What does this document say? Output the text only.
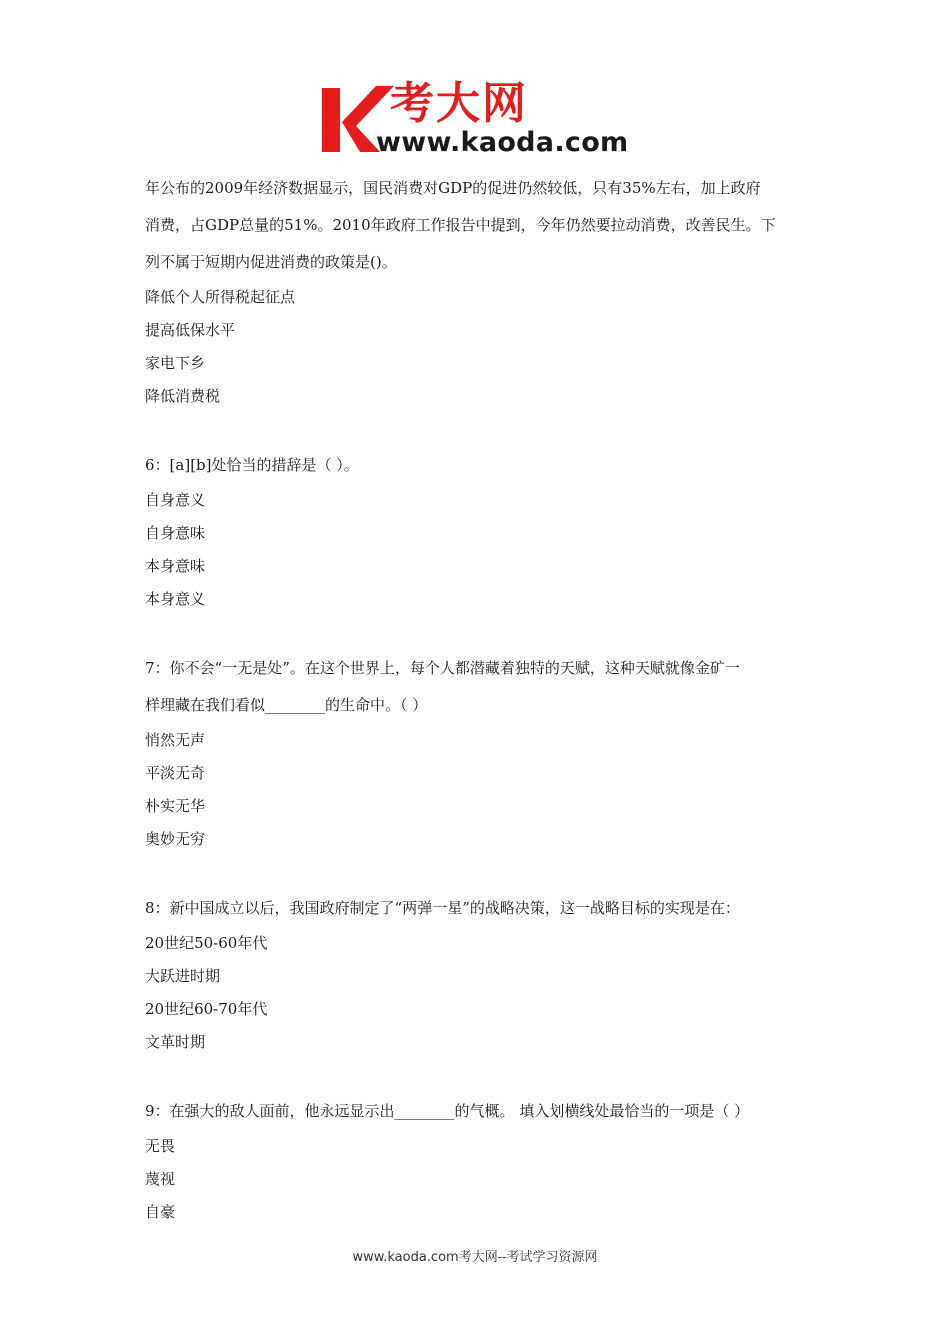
考大网
www.kaoda.com

年公布的2009年经济数据显示，国民消费对GDP的促进仍然较低，只有35%左右，加上政府

消费，占GDP总量的51%。2010年政府工作报告中提到，今年仍然要拉动消费，改善民生。下

列不属于短期内促进消费的政策是()。

降低个人所得税起征点

提高低保水平

家电下乡

降低消费税

6：[a][b]处恰当的措辞是（ ）。

自身意义

自身意味

本身意味

本身意义

7：你不会“一无是处”。在这个世界上，每个人都潜藏着独特的天赋，这种天赋就像金矿一

样埋藏在我们看似________的生命中。（ ）

悄然无声

平淡无奇

朴实无华

奥妙无穷

8：新中国成立以后，我国政府制定了“两弹一星”的战略决策，这一战略目标的实现是在：

20世纪50-60年代

大跃进时期

20世纪60-70年代

文革时期

9：在强大的敌人面前，他永远显示出________的气概。 填入划横线处最恰当的一项是（ ）

无畏

蔑视

自豪

www.kaoda.com考大网--考试学习资源网
